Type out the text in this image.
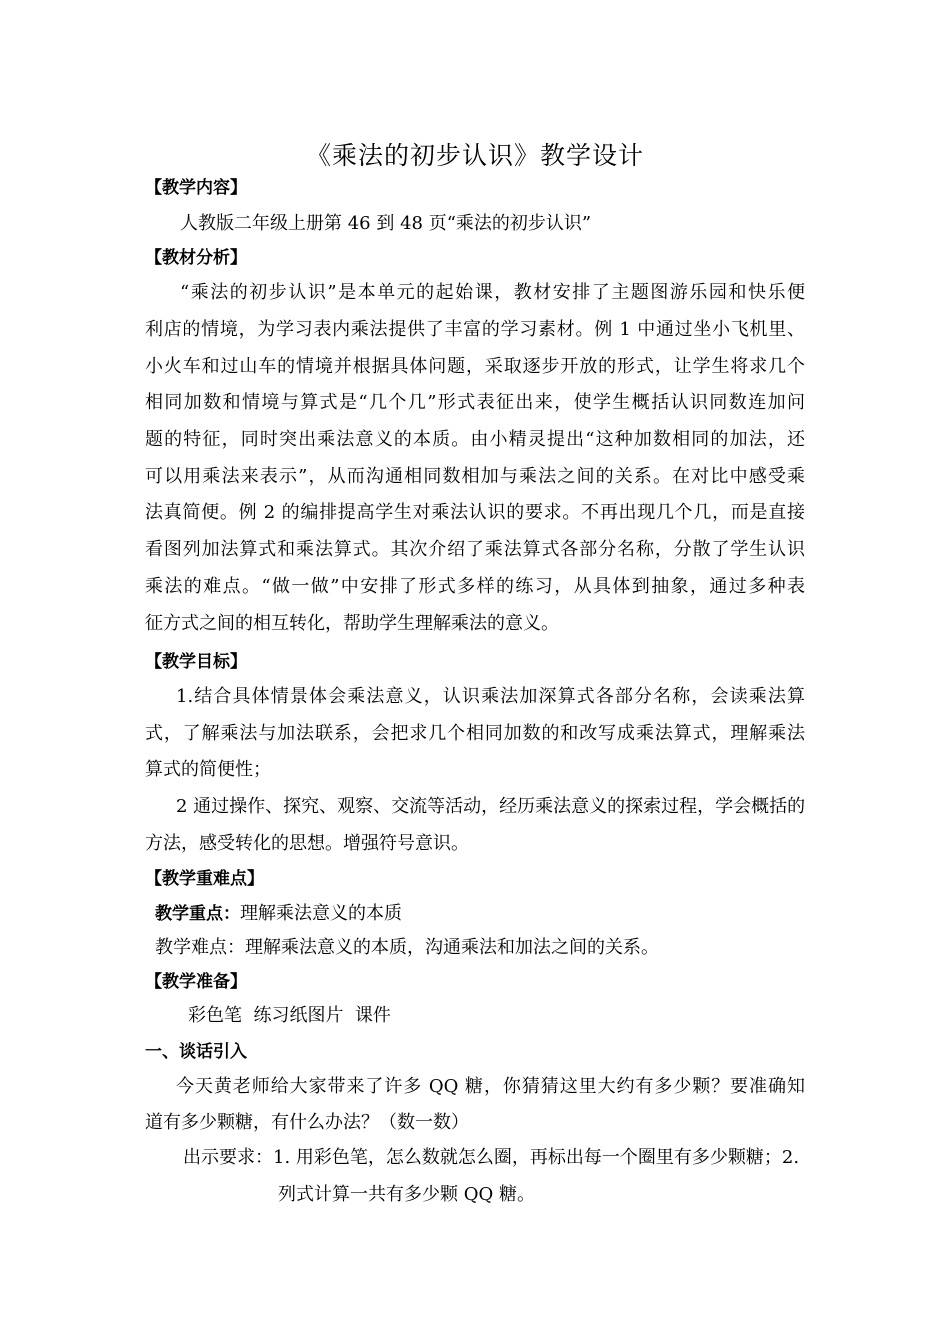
《乘法的初步认识》教学设计
【教学内容】
人教版二年级上册第 46 到 48 页“乘法的初步认识”
【教材分析】
“乘法的初步认识”是本单元的起始课，教材安排了主题图游乐园和快乐便
利店的情境，为学习表内乘法提供了丰富的学习素材。例 1 中通过坐小飞机里、
小火车和过山车的情境并根据具体问题，采取逐步开放的形式，让学生将求几个
相同加数和情境与算式是“几个几”形式表征出来，使学生概括认识同数连加问
题的特征，同时突出乘法意义的本质。由小精灵提出“这种加数相同的加法，还
可以用乘法来表示”，从而沟通相同数相加与乘法之间的关系。在对比中感受乘
法真简便。例 2 的编排提高学生对乘法认识的要求。不再出现几个几，而是直接
看图列加法算式和乘法算式。其次介绍了乘法算式各部分名称，分散了学生认识
乘法的难点。“做一做”中安排了形式多样的练习，从具体到抽象，通过多种表
征方式之间的相互转化，帮助学生理解乘法的意义。
【教学目标】
1.结合具体情景体会乘法意义，认识乘法加深算式各部分名称，会读乘法算
式，了解乘法与加法联系，会把求几个相同加数的和改写成乘法算式，理解乘法
算式的简便性；
2 通过操作、探究、观察、交流等活动，经历乘法意义的探索过程，学会概括的
方法，感受转化的思想。增强符号意识。
【教学重难点】
教学重点：理解乘法意义的本质
教学难点：理解乘法意义的本质，沟通乘法和加法之间的关系。
【教学准备】
彩色笔  练习纸图片  课件
一、谈话引入
今天黄老师给大家带来了许多 QQ 糖，你猜猜这里大约有多少颗？要准确知
道有多少颗糖，有什么办法？（数一数）
出示要求：1. 用彩色笔，怎么数就怎么圈，再标出每一个圈里有多少颗糖；2.
列式计算一共有多少颗 QQ 糖。
